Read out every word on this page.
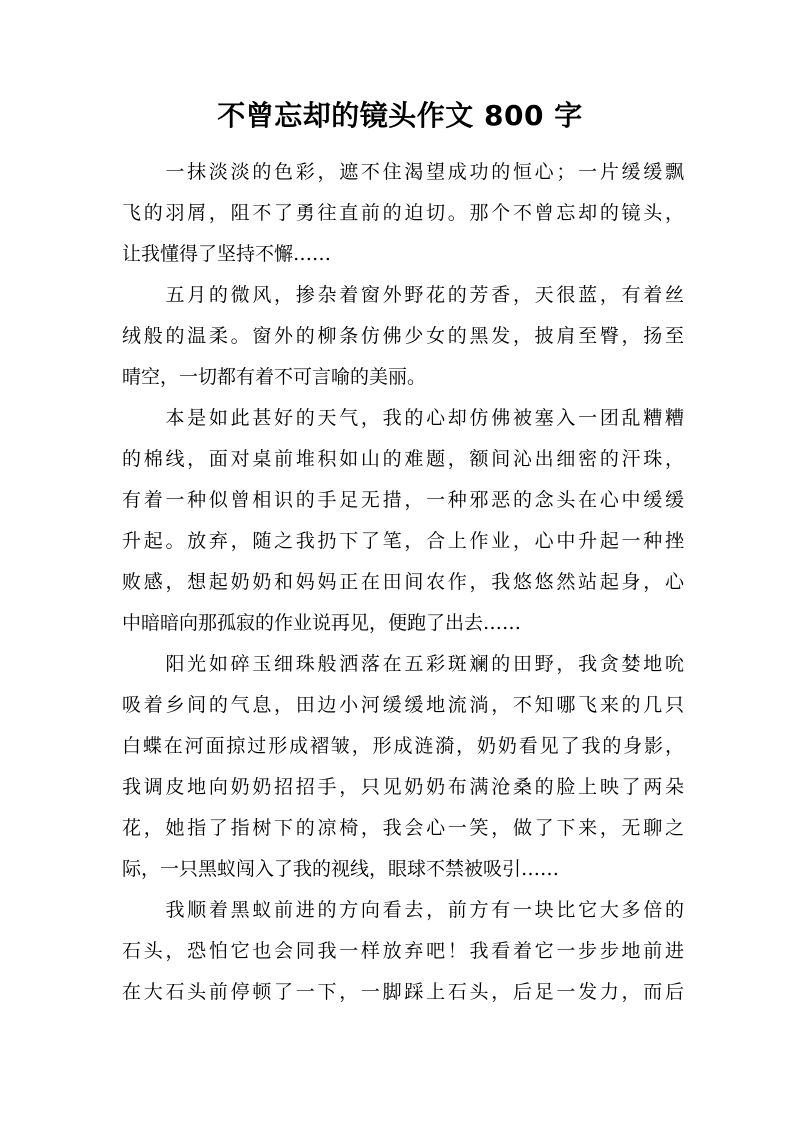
不曾忘却的镜头作文 800 字

　　一抹淡淡的色彩，遮不住渴望成功的恒心；一片缓缓飘
飞的羽屑，阻不了勇往直前的迫切。那个不曾忘却的镜头，
让我懂得了坚持不懈……

　　五月的微风，掺杂着窗外野花的芳香，天很蓝，有着丝
绒般的温柔。窗外的柳条仿佛少女的黑发，披肩至臀，扬至
晴空，一切都有着不可言喻的美丽。

　　本是如此甚好的天气，我的心却仿佛被塞入一团乱糟糟
的棉线，面对桌前堆积如山的难题，额间沁出细密的汗珠，
有着一种似曾相识的手足无措，一种邪恶的念头在心中缓缓
升起。放弃，随之我扔下了笔，合上作业，心中升起一种挫
败感，想起奶奶和妈妈正在田间农作，我悠悠然站起身，心
中暗暗向那孤寂的作业说再见，便跑了出去……

　　阳光如碎玉细珠般洒落在五彩斑斓的田野，我贪婪地吮
吸着乡间的气息，田边小河缓缓地流淌，不知哪飞来的几只
白蝶在河面掠过形成褶皱，形成涟漪，奶奶看见了我的身影，
我调皮地向奶奶招招手，只见奶奶布满沧桑的脸上映了两朵
花，她指了指树下的凉椅，我会心一笑，做了下来，无聊之
际，一只黑蚁闯入了我的视线，眼球不禁被吸引……

　　我顺着黑蚁前进的方向看去，前方有一块比它大多倍的
石头，恐怕它也会同我一样放弃吧！我看着它一步步地前进
在大石头前停顿了一下，一脚踩上石头，后足一发力，而后
